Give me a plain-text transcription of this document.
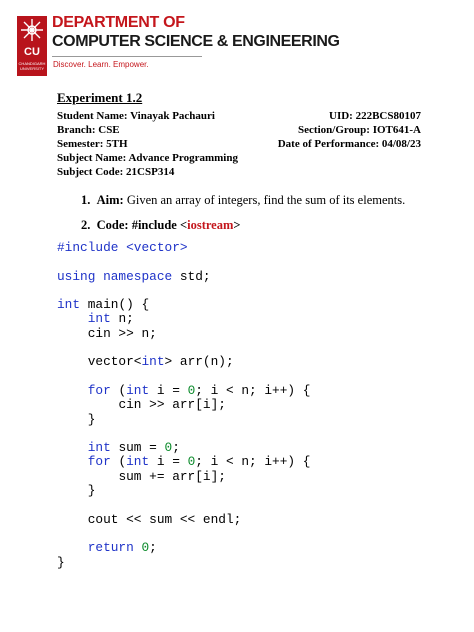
CU
CHANDIGARH UNIVERSITY
DEPARTMENT OF
COMPUTER SCIENCE & ENGINEERING
Discover. Learn. Empower.
Experiment 1.2
Student Name: Vinayak Pachauri	UID: 222BCS80107
Branch: CSE	Section/Group: IOT641-A
Semester: 5TH	Date of Performance: 04/08/23
Subject Name: Advance Programming
Subject Code: 21CSP314
1. Aim: Given an array of integers, find the sum of its elements.
2. Code: #include <iostream>
#include <vector>

using namespace std;

int main() {
int n;
cin >> n;

vector<int> arr(n);

for (int i = 0; i < n; i++) {
cin >> arr[i];
}

int sum = 0;
for (int i = 0; i < n; i++) {
sum += arr[i];
}

cout << sum << endl;

return 0;
}
